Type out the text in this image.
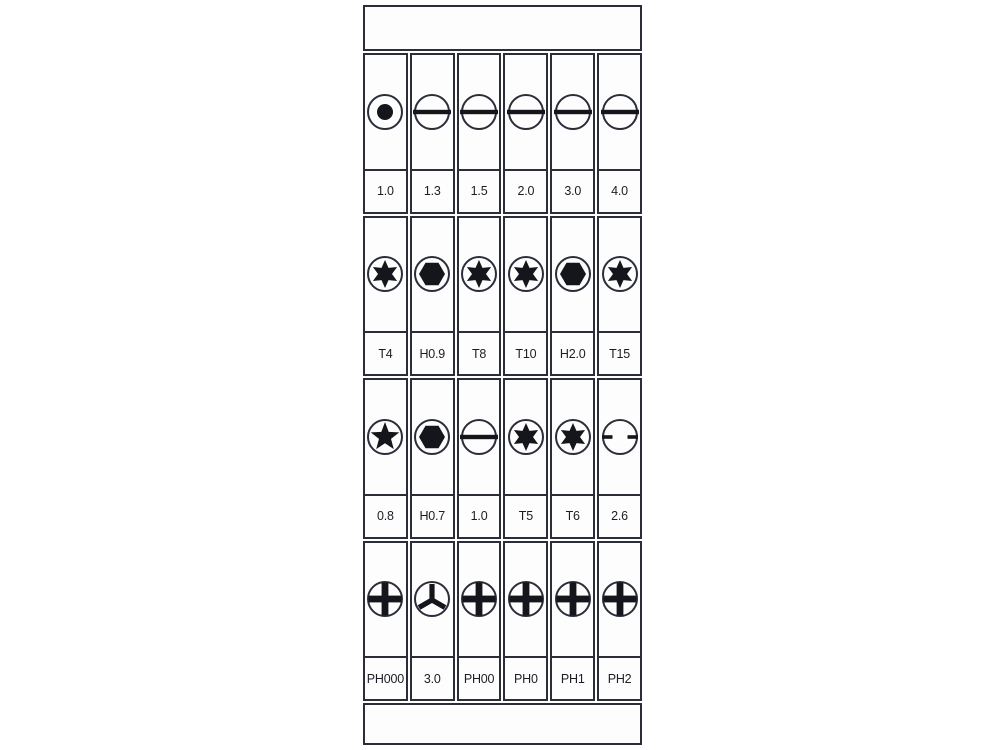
1.0	1.3	1.5	2.0	3.0	4.0
T4	H0.9	T8	T10	H2.0	T15
0.8	H0.7	1.0	T5	T6	2.6
PH000	3.0	PH00	PH0	PH1	PH2
